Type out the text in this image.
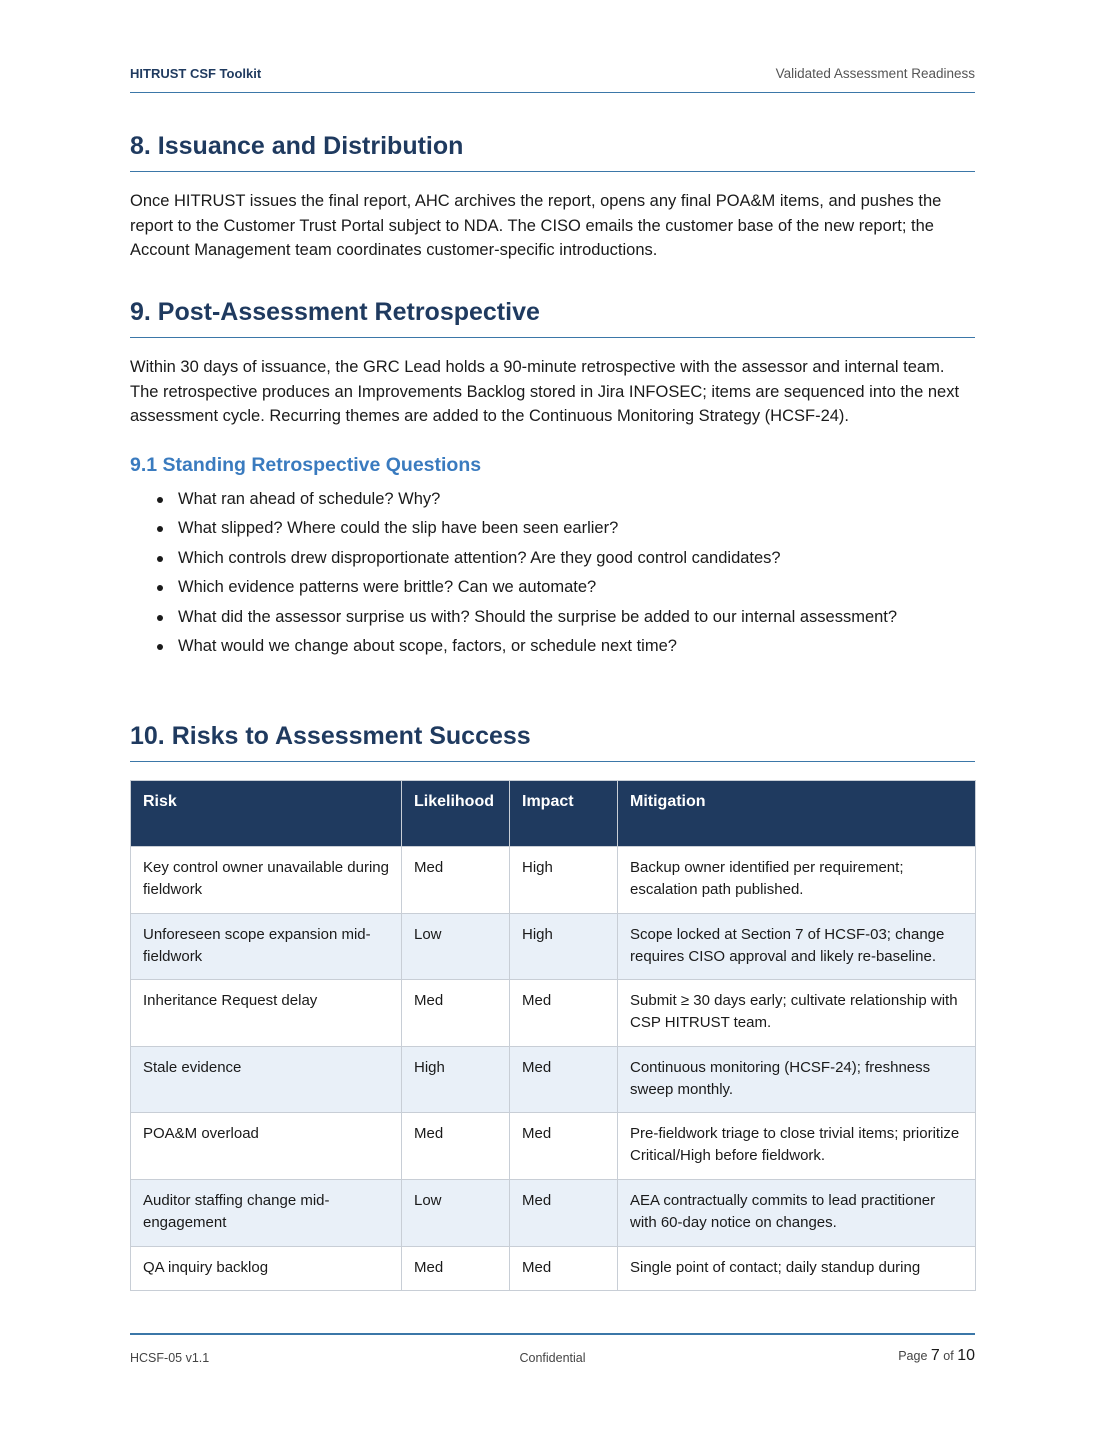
HITRUST CSF Toolkit	Validated Assessment Readiness
8. Issuance and Distribution

Once HITRUST issues the final report, AHC archives the report, opens any final POA&M items, and pushes the report to the Customer Trust Portal subject to NDA. The CISO emails the customer base of the new report; the Account Management team coordinates customer-specific introductions.

9. Post-Assessment Retrospective

Within 30 days of issuance, the GRC Lead holds a 90-minute retrospective with the assessor and internal team. The retrospective produces an Improvements Backlog stored in Jira INFOSEC; items are sequenced into the next assessment cycle. Recurring themes are added to the Continuous Monitoring Strategy (HCSF-24).

9.1 Standing Retrospective Questions
What ran ahead of schedule? Why?
What slipped? Where could the slip have been seen earlier?
Which controls drew disproportionate attention? Are they good control candidates?
Which evidence patterns were brittle? Can we automate?
What did the assessor surprise us with? Should the surprise be added to our internal assessment?
What would we change about scope, factors, or schedule next time?
10. Risks to Assessment Success
Risk	Likelihood	Impact	Mitigation
Key control owner unavailable during fieldwork	Med	High	Backup owner identified per requirement; escalation path published.
Unforeseen scope expansion mid-fieldwork	Low	High	Scope locked at Section 7 of HCSF-03; change requires CISO approval and likely re-baseline.
Inheritance Request delay	Med	Med	Submit ≥ 30 days early; cultivate relationship with CSP HITRUST team.
Stale evidence	High	Med	Continuous monitoring (HCSF-24); freshness sweep monthly.
POA&M overload	Med	Med	Pre-fieldwork triage to close trivial items; prioritize Critical/High before fieldwork.
Auditor staffing change mid-engagement	Low	Med	AEA contractually commits to lead practitioner with 60-day notice on changes.
QA inquiry backlog	Med	Med	Single point of contact; daily standup during
HCSF-05 v1.1	Confidential	Page 7 of 10
